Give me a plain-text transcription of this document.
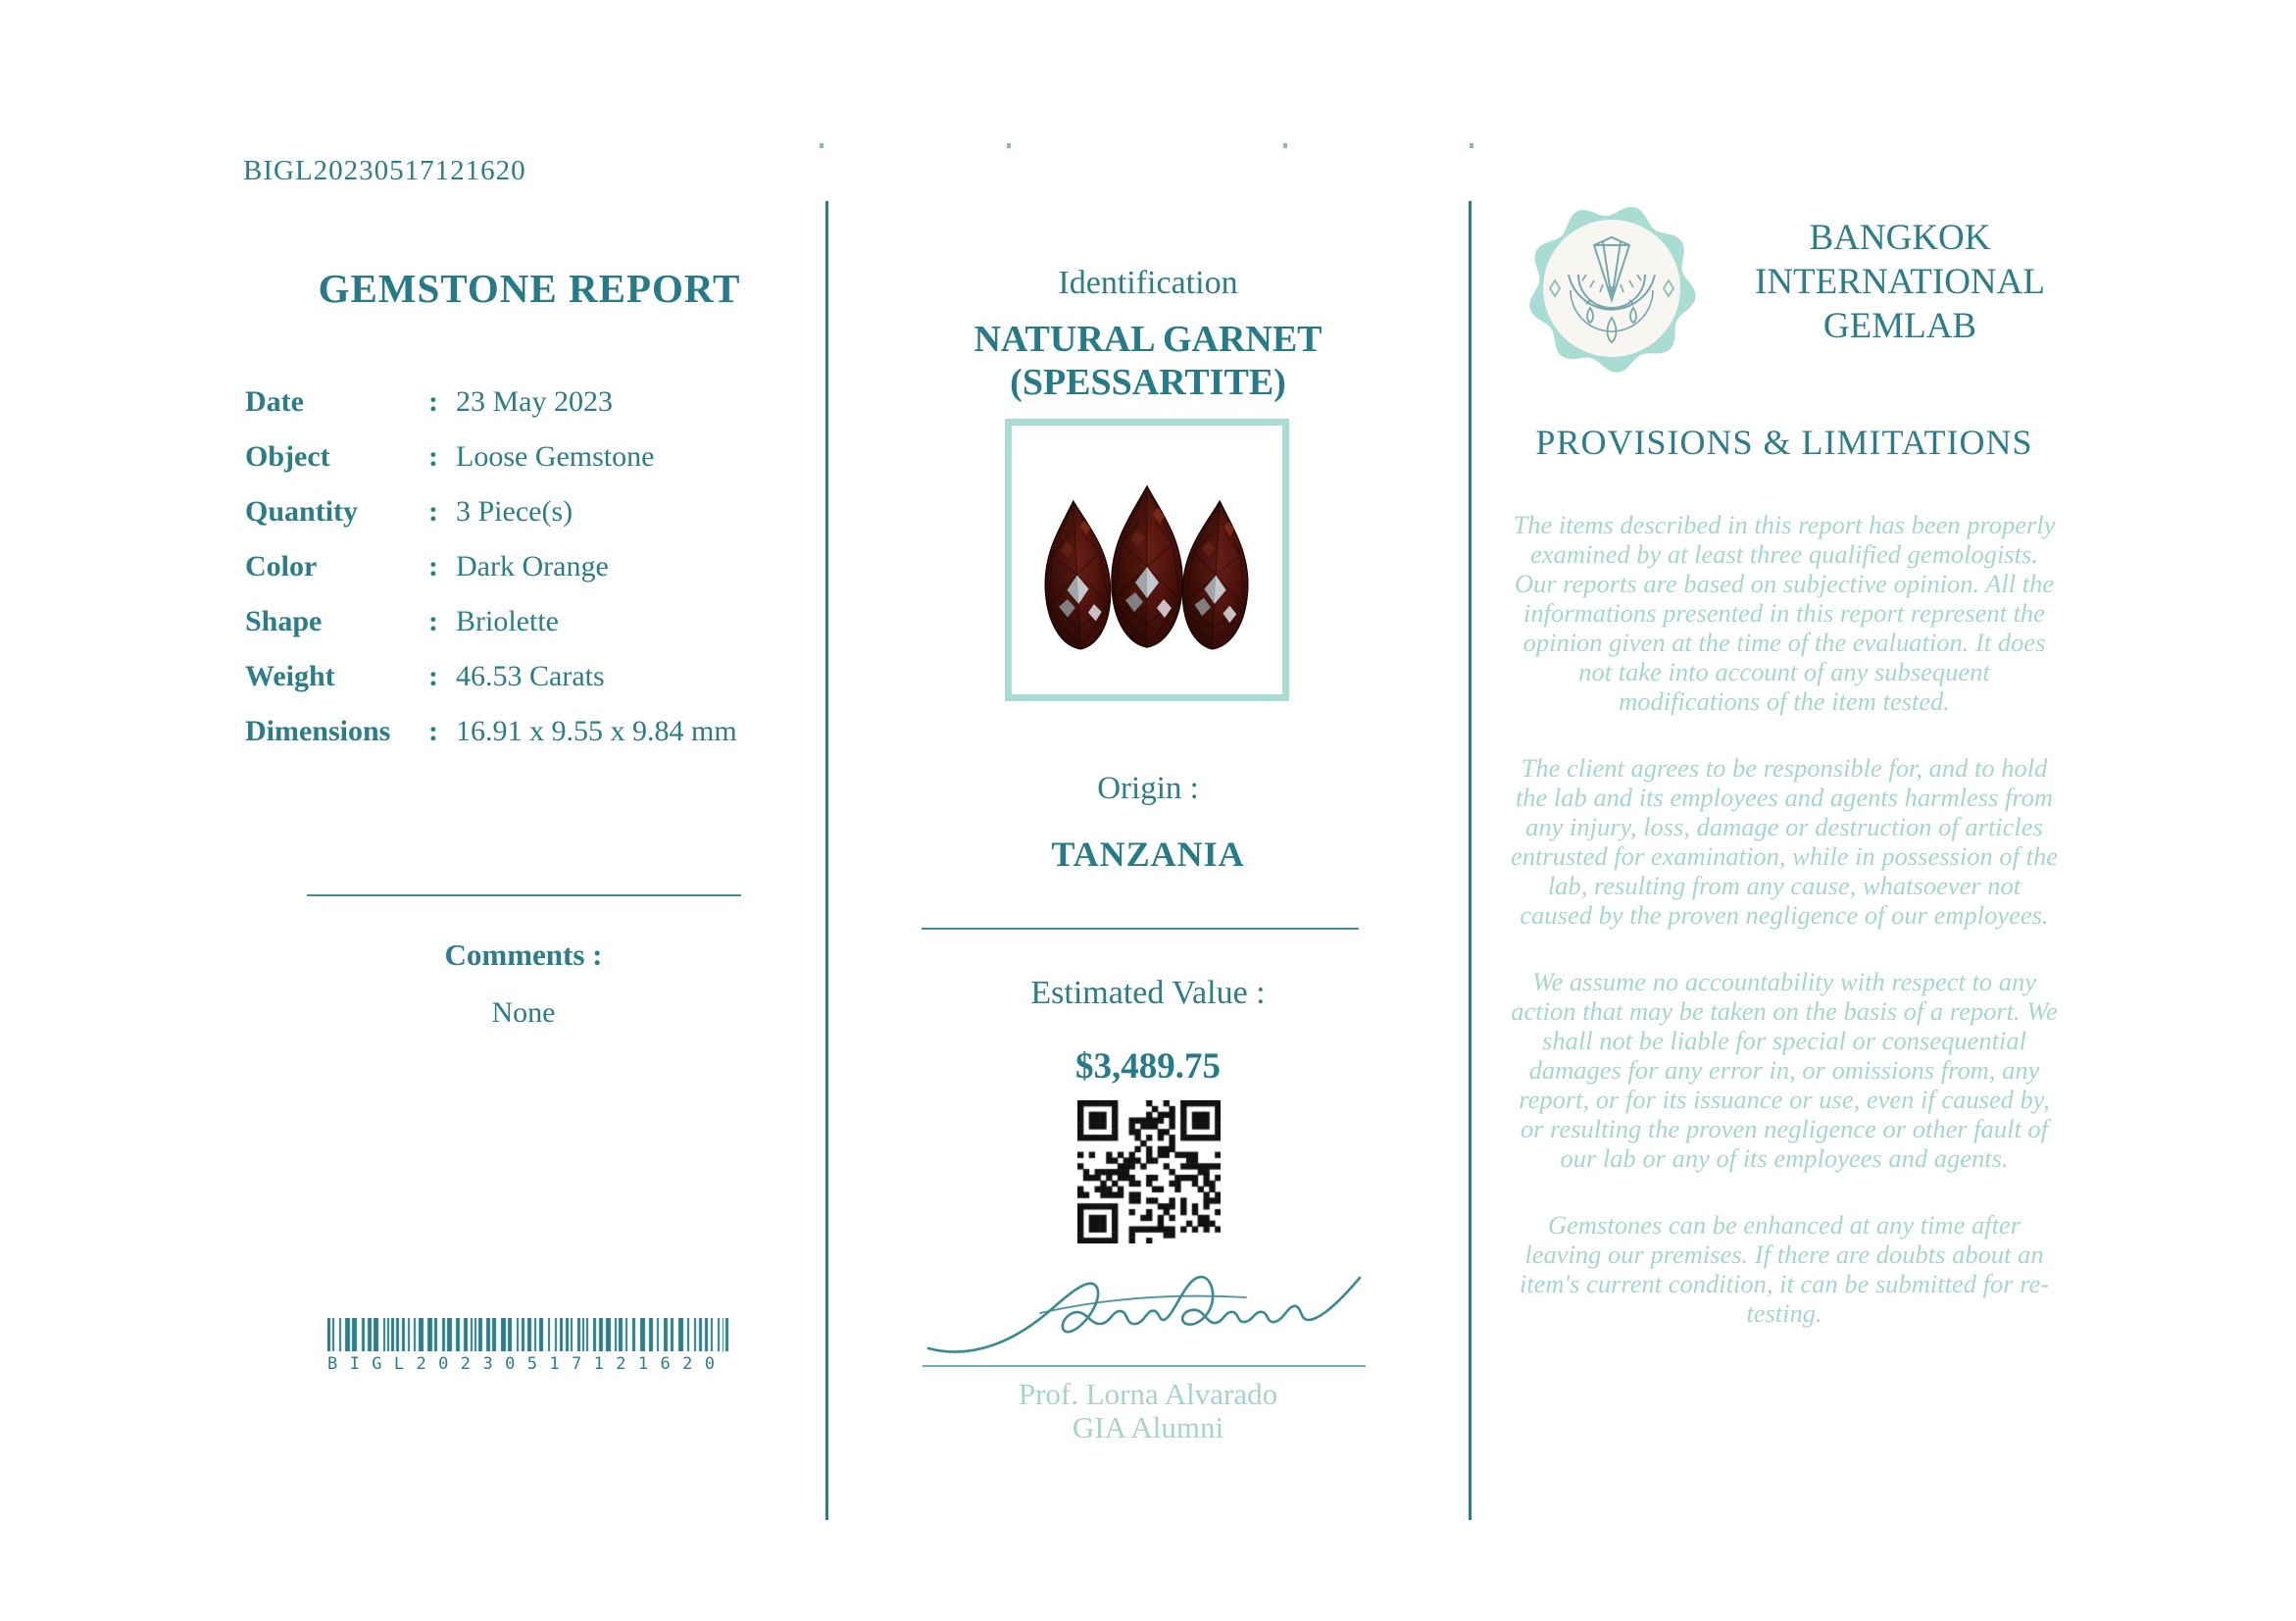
BIGL20230517121620
GEMSTONE REPORT
Date	: 23 May 2023
Object	: Loose Gemstone
Quantity	: 3 Piece(s)
Color	: Dark Orange
Shape	: Briolette
Weight	: 46.53 Carats
Dimensions	: 16.91 x 9.55 x 9.84 mm
Comments :
None
BIGL20230517121620
Identification
NATURAL GARNET (SPESSARTITE)
Origin :
TANZANIA
Estimated Value :
$3,489.75
Prof. Lorna Alvarado
GIA Alumni
BANGKOK
INTERNATIONAL
GEMLAB
PROVISIONS & LIMITATIONS

The items described in this report has been properly examined by at least three qualified gemologists. Our reports are based on subjective opinion. All the informations presented in this report represent the opinion given at the time of the evaluation. It does not take into account of any subsequent modifications of the item tested.

The client agrees to be responsible for, and to hold the lab and its employees and agents harmless from any injury, loss, damage or destruction of articles entrusted for examination, while in possession of the lab, resulting from any cause, whatsoever not caused by the proven negligence of our employees.

We assume no accountability with respect to any action that may be taken on the basis of a report. We shall not be liable for special or consequential damages for any error in, or omissions from, any report, or for its issuance or use, even if caused by, or resulting the proven negligence or other fault of our lab or any of its employees and agents.

Gemstones can be enhanced at any time after leaving our premises. If there are doubts about an item's current condition, it can be submitted for re-testing.
